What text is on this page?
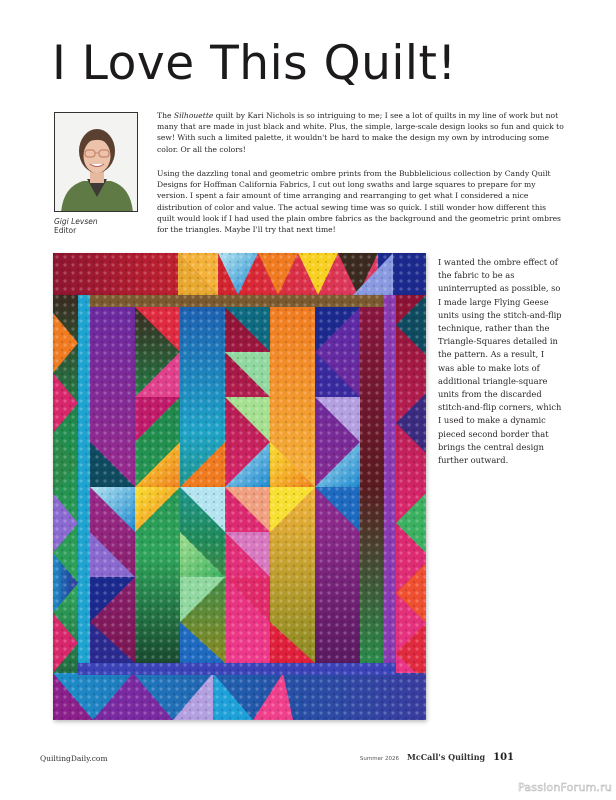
I Love This Quilt!
Gigi Levsen
Editor

The Silhouette quilt by Kari Nichols is so intriguing to me; I see a lot of quilts in my line of work but not many that are made in just black and white. Plus, the simple, large-scale design looks so fun and quick to sew! With such a limited palette, it wouldn't be hard to make the design my own by introducing some color. Or all the colors!

Using the dazzling tonal and geometric ombre prints from the Bubblelicious collection by Candy Quilt Designs for Hoffman California Fabrics, I cut out long swaths and large squares to prepare for my version. I spent a fair amount of time arranging and rearranging to get what I considered a nice distribution of color and value. The actual sewing time was so quick. I still wonder how different this quilt would look if I had used the plain ombre fabrics as the background and the geometric print ombres for the triangles. Maybe I'll try that next time!

I wanted the ombre effect of the fabric to be as uninterrupted as possible, so I made large Flying Geese units using the stitch-and-flip technique, rather than the Triangle-Squares detailed in the pattern. As a result, I was able to make lots of additional triangle-square units from the discarded stitch-and-flip corners, which I used to make a dynamic pieced second border that brings the central design further outward.

QuiltingDaily.com	Summer 2026 McCall's Quilting 101
PassionForum.ru
